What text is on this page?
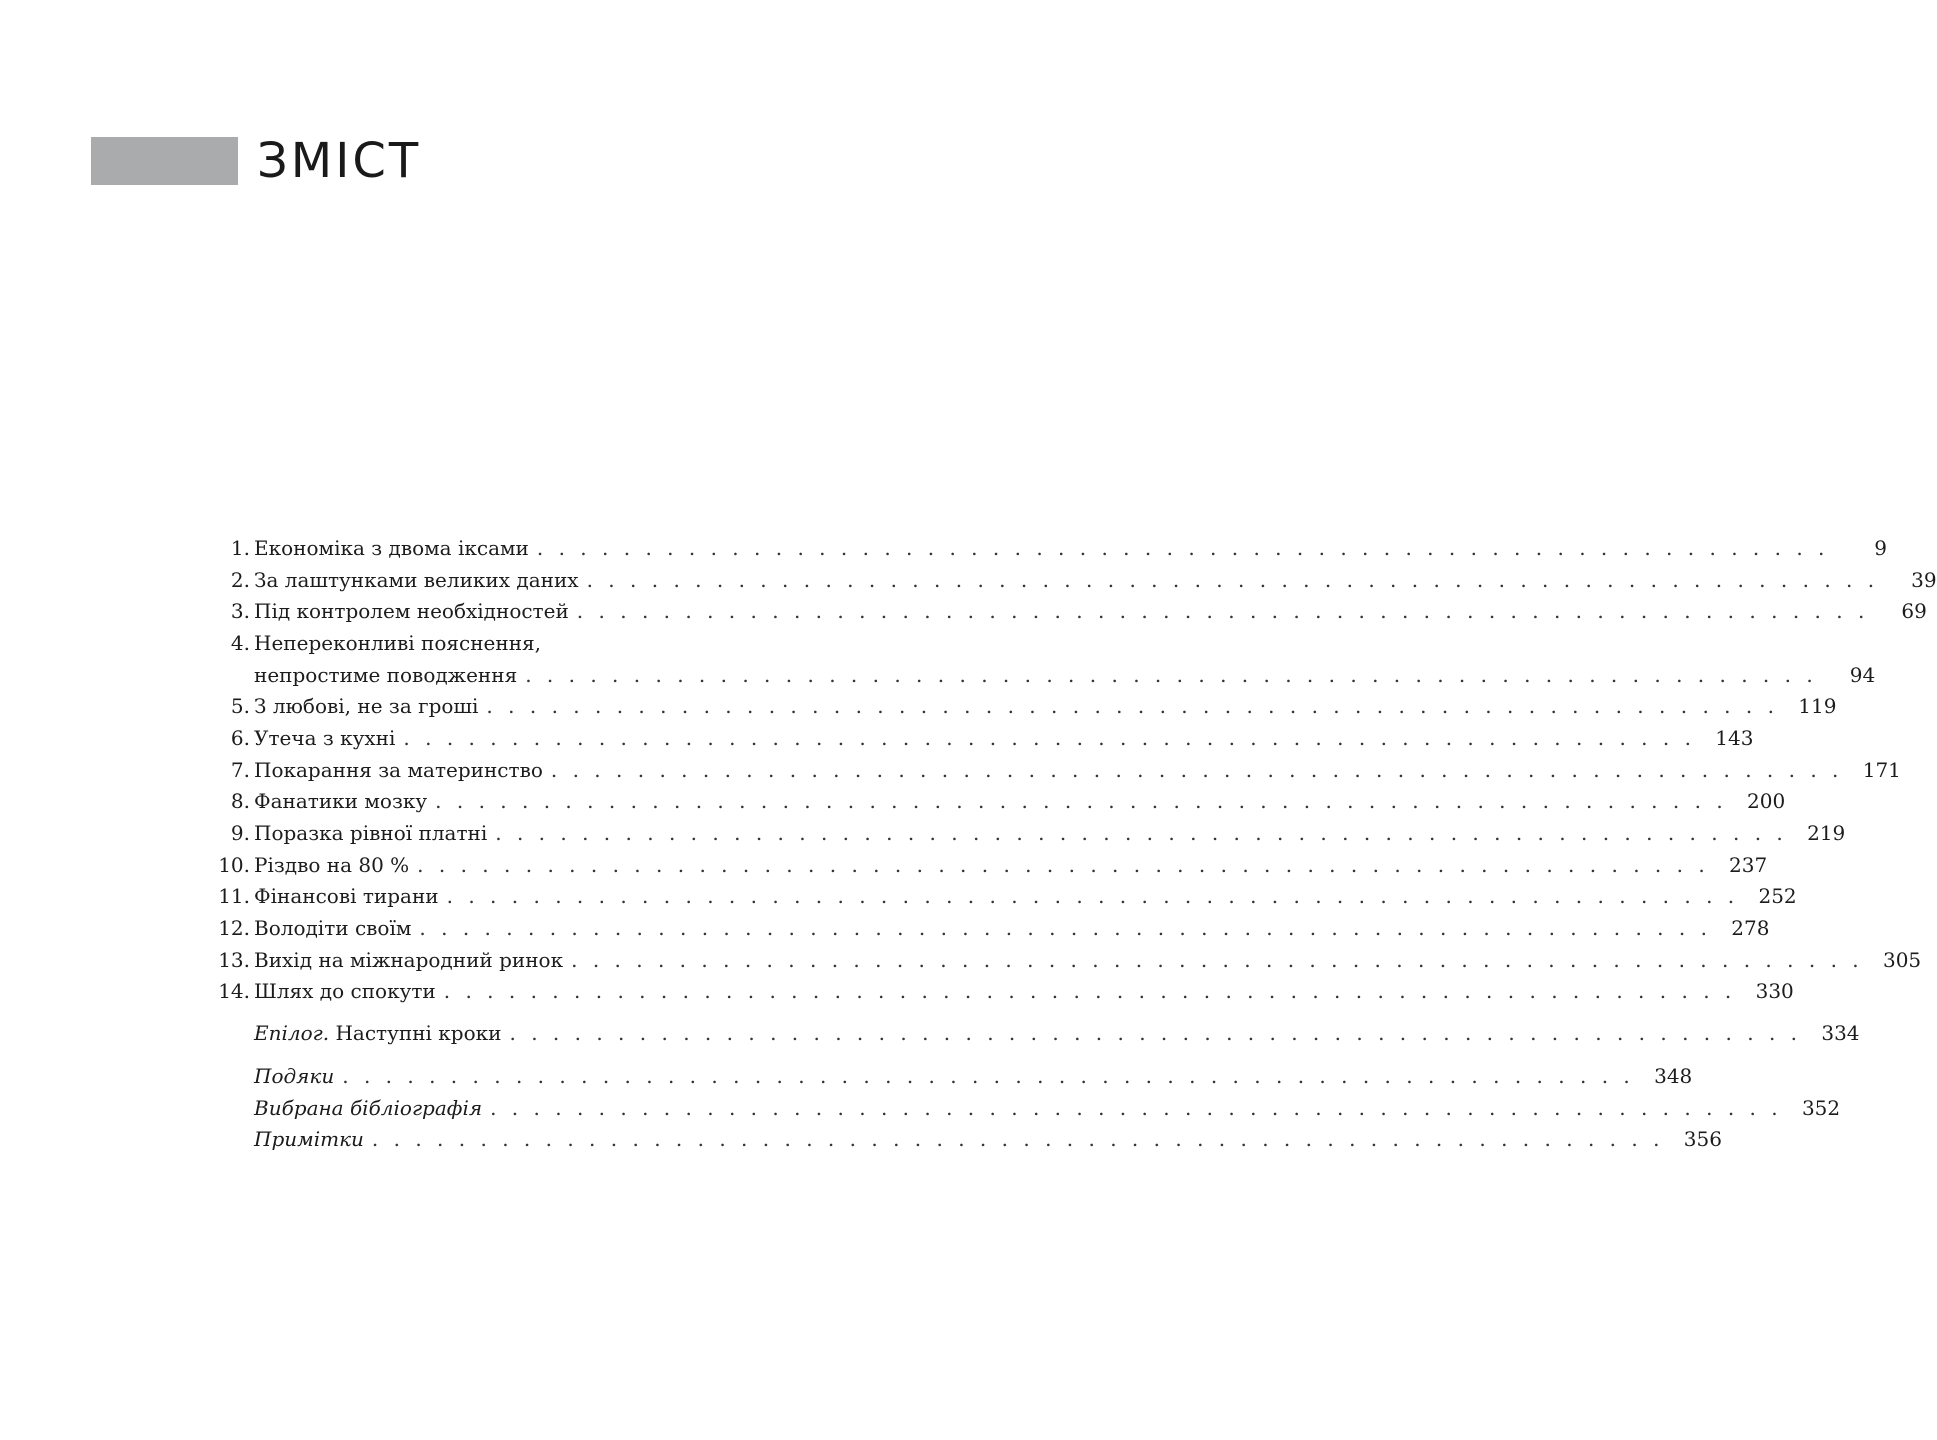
ЗМІСТ
1. Економіка з двома іксами . . . . . . . . . . . . . . . . . . . . . . . . . . . . . . . . . . . . . . . . . . . . . . . . . . . . . . . . . . . .	9
2. За лаштунками великих даних . . . . . . . . . . . . . . . . . . . . . . . . . . . . . . . . . . . . . . . . . . . . . . . . . . . . . . . . . . . .	39
3. Під контролем необхідностей . . . . . . . . . . . . . . . . . . . . . . . . . . . . . . . . . . . . . . . . . . . . . . . . . . . . . . . . . . . .	69
4. Непереконливі пояснення,
непростиме поводження . . . . . . . . . . . . . . . . . . . . . . . . . . . . . . . . . . . . . . . . . . . . . . . . . . . . . . . . . . . .	94
5. З любові, не за гроші . . . . . . . . . . . . . . . . . . . . . . . . . . . . . . . . . . . . . . . . . . . . . . . . . . . . . . . . . . . . 119
6. Утеча з кухні . . . . . . . . . . . . . . . . . . . . . . . . . . . . . . . . . . . . . . . . . . . . . . . . . . . . . . . . . . . . 143
7. Покарання за материнство . . . . . . . . . . . . . . . . . . . . . . . . . . . . . . . . . . . . . . . . . . . . . . . . . . . . . . . . . . . . 171
8. Фанатики мозку . . . . . . . . . . . . . . . . . . . . . . . . . . . . . . . . . . . . . . . . . . . . . . . . . . . . . . . . . . . . 200
9. Поразка рівної платні . . . . . . . . . . . . . . . . . . . . . . . . . . . . . . . . . . . . . . . . . . . . . . . . . . . . . . . . . . . . 219
10. Різдво на 80 % . . . . . . . . . . . . . . . . . . . . . . . . . . . . . . . . . . . . . . . . . . . . . . . . . . . . . . . . . . . . 237
11. Фінансові тирани . . . . . . . . . . . . . . . . . . . . . . . . . . . . . . . . . . . . . . . . . . . . . . . . . . . . . . . . . . . . 252
12. Володіти своїм . . . . . . . . . . . . . . . . . . . . . . . . . . . . . . . . . . . . . . . . . . . . . . . . . . . . . . . . . . . . 278
13. Вихід на міжнародний ринок . . . . . . . . . . . . . . . . . . . . . . . . . . . . . . . . . . . . . . . . . . . . . . . . . . . . . . . . . . . . 305
14. Шлях до спокути . . . . . . . . . . . . . . . . . . . . . . . . . . . . . . . . . . . . . . . . . . . . . . . . . . . . . . . . . . . . 330
Епілог. Наступні кроки . . . . . . . . . . . . . . . . . . . . . . . . . . . . . . . . . . . . . . . . . . . . . . . . . . . . . . . . . . . . 334
Подяки . . . . . . . . . . . . . . . . . . . . . . . . . . . . . . . . . . . . . . . . . . . . . . . . . . . . . . . . . . . . 348
Вибрана бібліографія . . . . . . . . . . . . . . . . . . . . . . . . . . . . . . . . . . . . . . . . . . . . . . . . . . . . . . . . . . . . 352
Примітки . . . . . . . . . . . . . . . . . . . . . . . . . . . . . . . . . . . . . . . . . . . . . . . . . . . . . . . . . . . . 356
